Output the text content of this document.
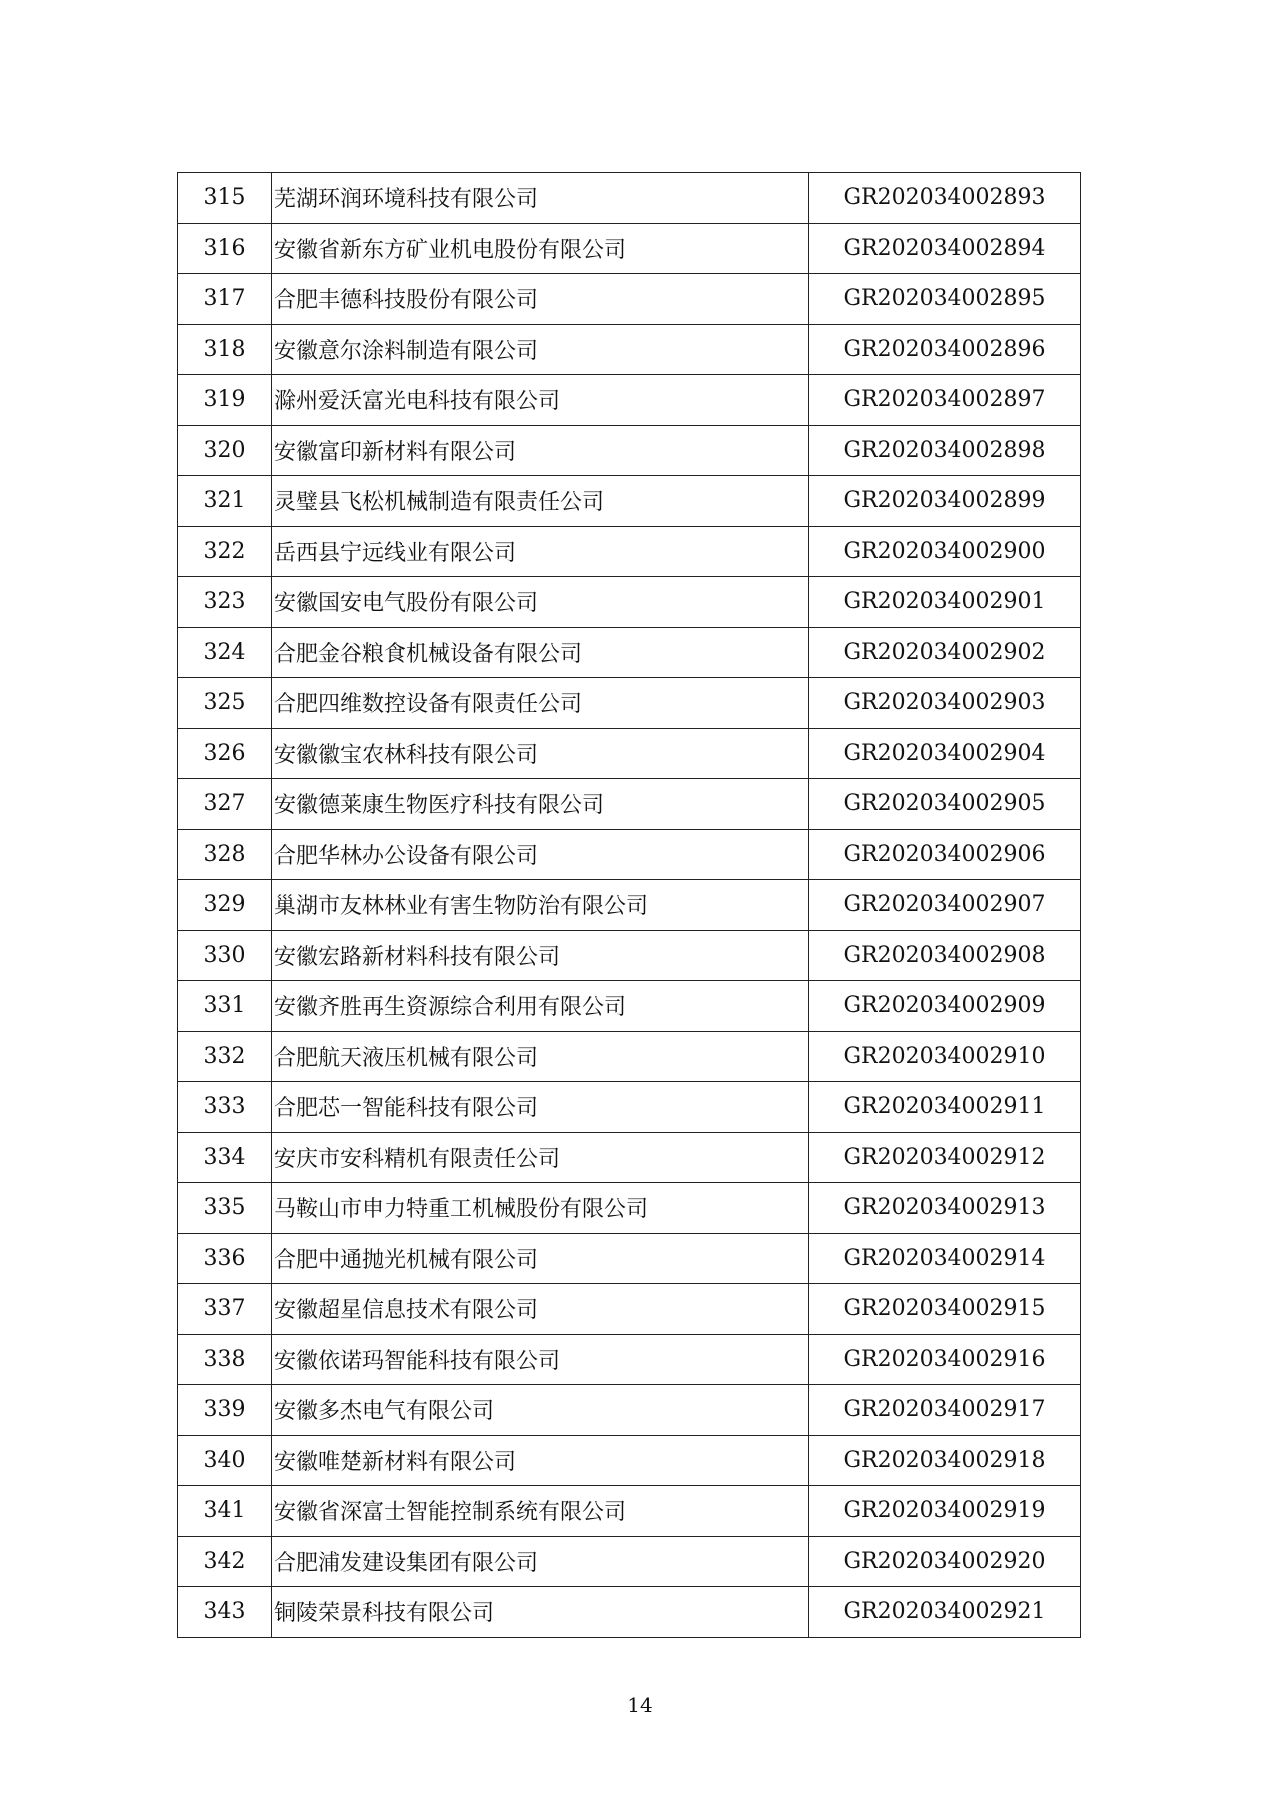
315	芜湖环润环境科技有限公司	GR202034002893
316	安徽省新东方矿业机电股份有限公司	GR202034002894
317	合肥丰德科技股份有限公司	GR202034002895
318	安徽意尔涂料制造有限公司	GR202034002896
319	滁州爱沃富光电科技有限公司	GR202034002897
320	安徽富印新材料有限公司	GR202034002898
321	灵璧县飞松机械制造有限责任公司	GR202034002899
322	岳西县宁远线业有限公司	GR202034002900
323	安徽国安电气股份有限公司	GR202034002901
324	合肥金谷粮食机械设备有限公司	GR202034002902
325	合肥四维数控设备有限责任公司	GR202034002903
326	安徽徽宝农林科技有限公司	GR202034002904
327	安徽德莱康生物医疗科技有限公司	GR202034002905
328	合肥华林办公设备有限公司	GR202034002906
329	巢湖市友林林业有害生物防治有限公司	GR202034002907
330	安徽宏路新材料科技有限公司	GR202034002908
331	安徽齐胜再生资源综合利用有限公司	GR202034002909
332	合肥航天液压机械有限公司	GR202034002910
333	合肥芯一智能科技有限公司	GR202034002911
334	安庆市安科精机有限责任公司	GR202034002912
335	马鞍山市申力特重工机械股份有限公司	GR202034002913
336	合肥中通抛光机械有限公司	GR202034002914
337	安徽超星信息技术有限公司	GR202034002915
338	安徽依诺玛智能科技有限公司	GR202034002916
339	安徽多杰电气有限公司	GR202034002917
340	安徽唯楚新材料有限公司	GR202034002918
341	安徽省深富士智能控制系统有限公司	GR202034002919
342	合肥浦发建设集团有限公司	GR202034002920
343	铜陵荣景科技有限公司	GR202034002921
14
